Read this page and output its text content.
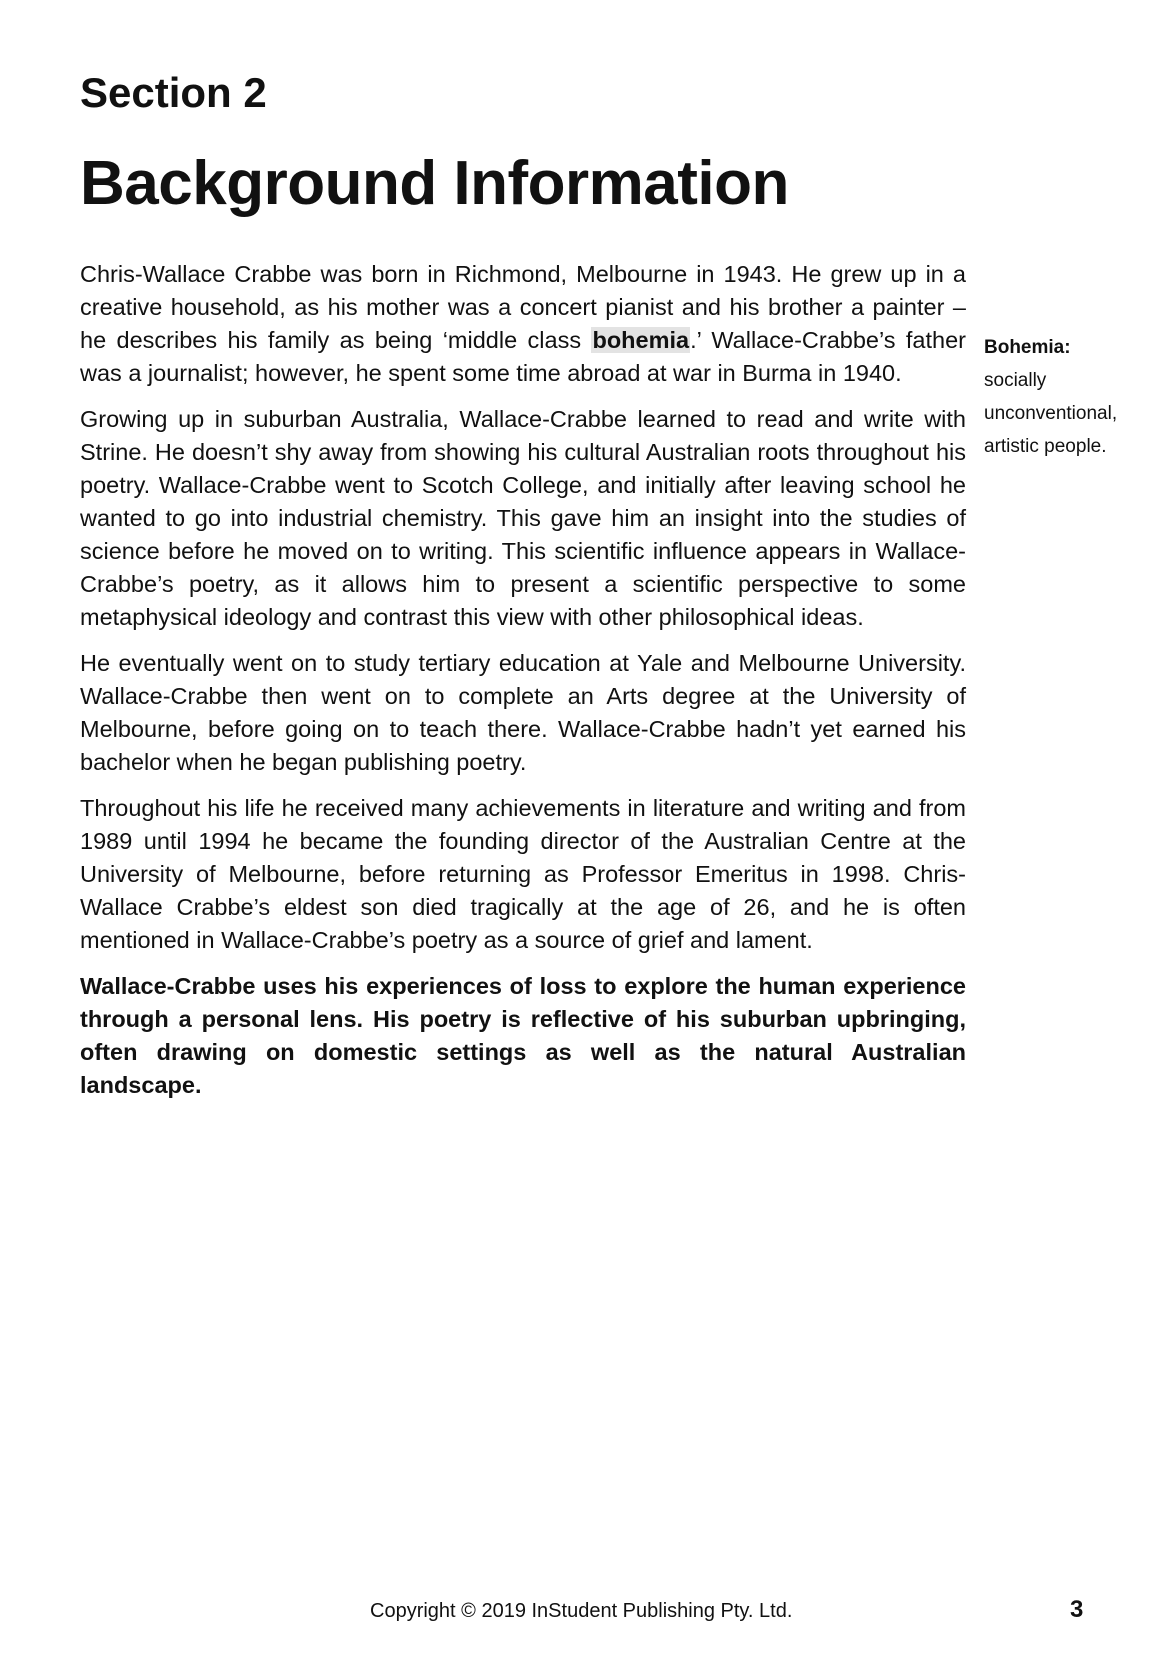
Section 2
Background Information

Chris-Wallace Crabbe was born in Richmond, Melbourne in 1943. He grew up in a creative household, as his mother was a concert pianist and his brother a painter – he describes his family as being ‘middle class bohemia.’ Wallace-Crabbe’s father was a journalist; however, he spent some time abroad at war in Burma in 1940.

Growing up in suburban Australia, Wallace-Crabbe learned to read and write with Strine. He doesn’t shy away from showing his cultural Australian roots throughout his poetry. Wallace-Crabbe went to Scotch College, and initially after leaving school he wanted to go into industrial chemistry. This gave him an insight into the studies of science before he moved on to writing. This scientific influence appears in Wallace-Crabbe’s poetry, as it allows him to present a scientific perspective to some metaphysical ideology and contrast this view with other philosophical ideas.

He eventually went on to study tertiary education at Yale and Melbourne University. Wallace-Crabbe then went on to complete an Arts degree at the University of Melbourne, before going on to teach there. Wallace-Crabbe hadn’t yet earned his bachelor when he began publishing poetry.

Throughout his life he received many achievements in literature and writing and from 1989 until 1994 he became the founding director of the Australian Centre at the University of Melbourne, before returning as Professor Emeritus in 1998. Chris-Wallace Crabbe’s eldest son died tragically at the age of 26, and he is often mentioned in Wallace-Crabbe’s poetry as a source of grief and lament.

Wallace-Crabbe uses his experiences of loss to explore the human experience through a personal lens. His poetry is reflective of his suburban upbringing, often drawing on domestic settings as well as the natural Australian landscape.

Bohemia:
socially unconventional, artistic people.
Copyright © 2019 InStudent Publishing Pty. Ltd.	3
